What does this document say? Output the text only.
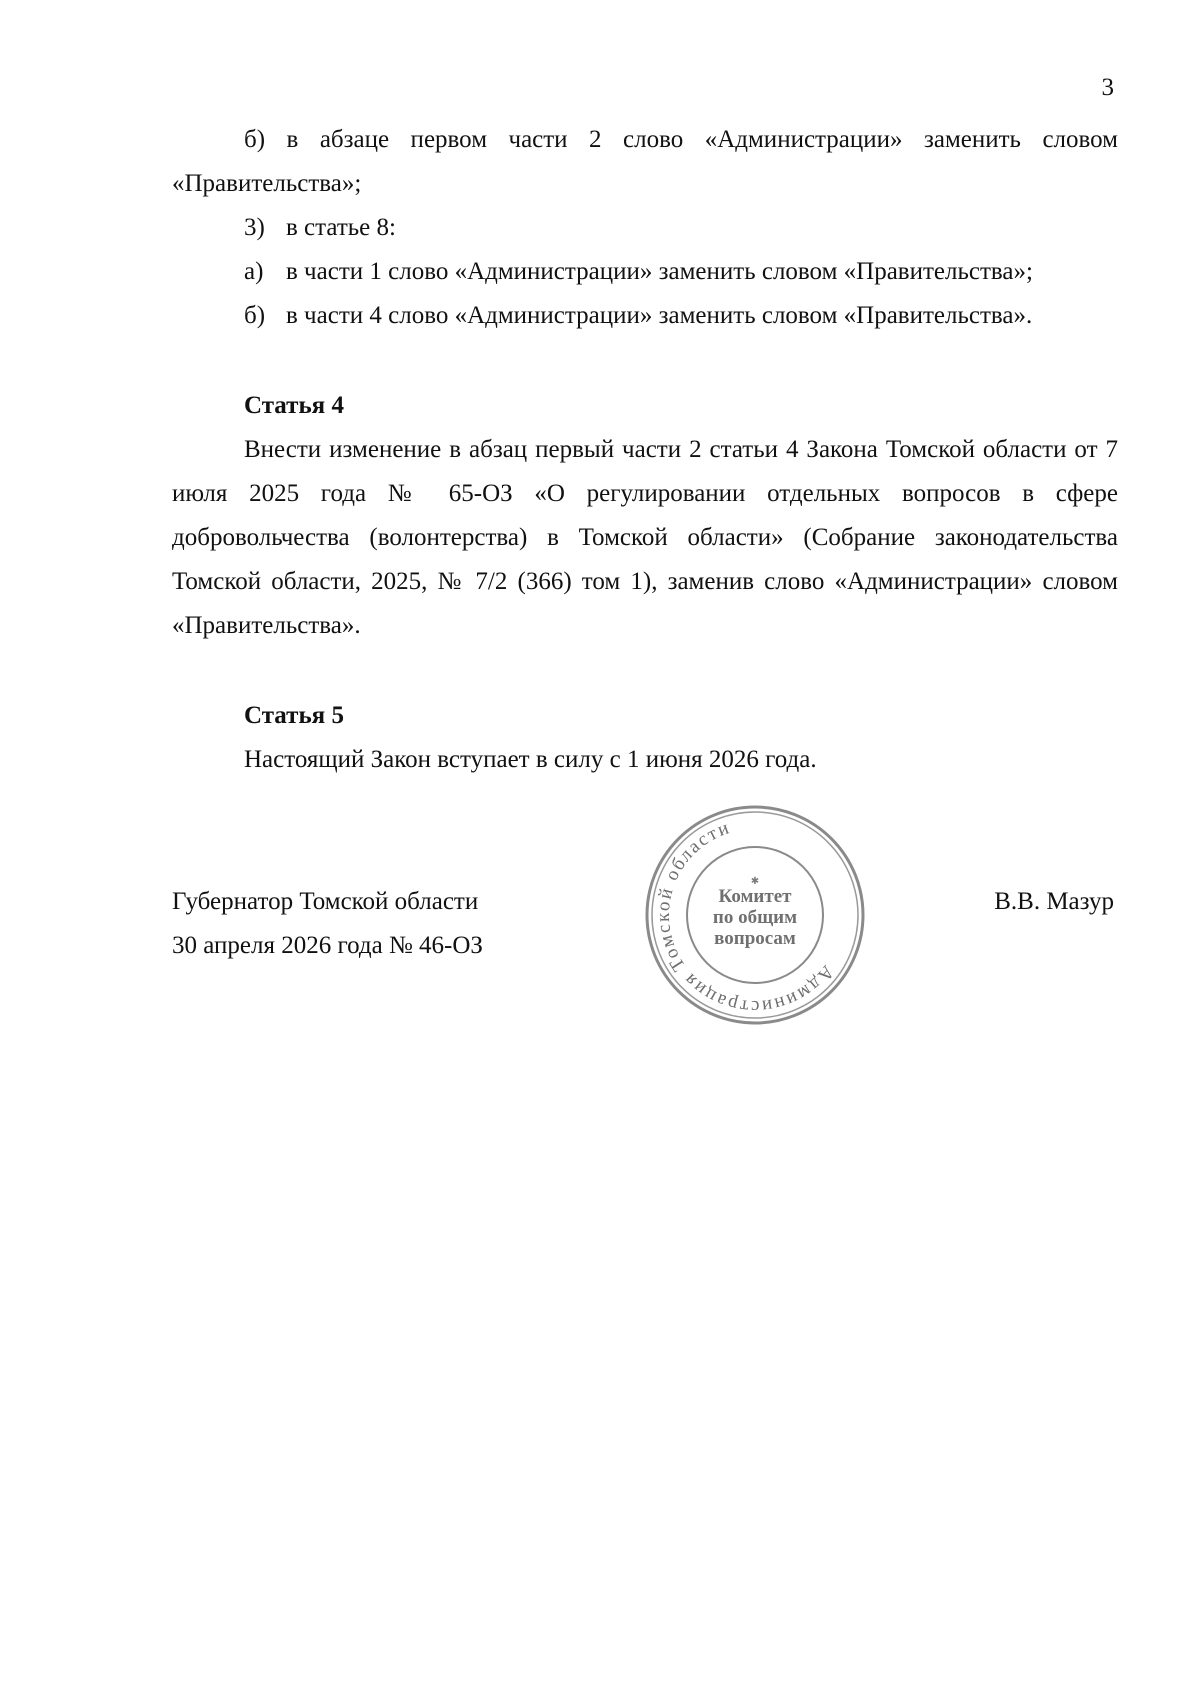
3

б) в абзаце первом части 2 слово «Администрации» заменить словом «Правительства»;

3) в статье 8:

а) в части 1 слово «Администрации» заменить словом «Правительства»;

б) в части 4 слово «Администрации» заменить словом «Правительства».

Статья 4

Внести изменение в абзац первый части 2 статьи 4 Закона Томской области от 7 июля 2025 года № 65-ОЗ «О регулировании отдельных вопросов в сфере добровольчества (волонтерства) в Томской области» (Собрание законодательства Томской области, 2025, № 7/2 (366) том 1), заменив слово «Администрации» словом «Правительства».

Статья 5

Настоящий Закон вступает в силу с 1 июня 2026 года.

Губернатор Томской области
30 апреля 2026 года № 46-ОЗ
В.В. Мазур
Администрация Томской области
✱
Комитет
по общим
вопросам
